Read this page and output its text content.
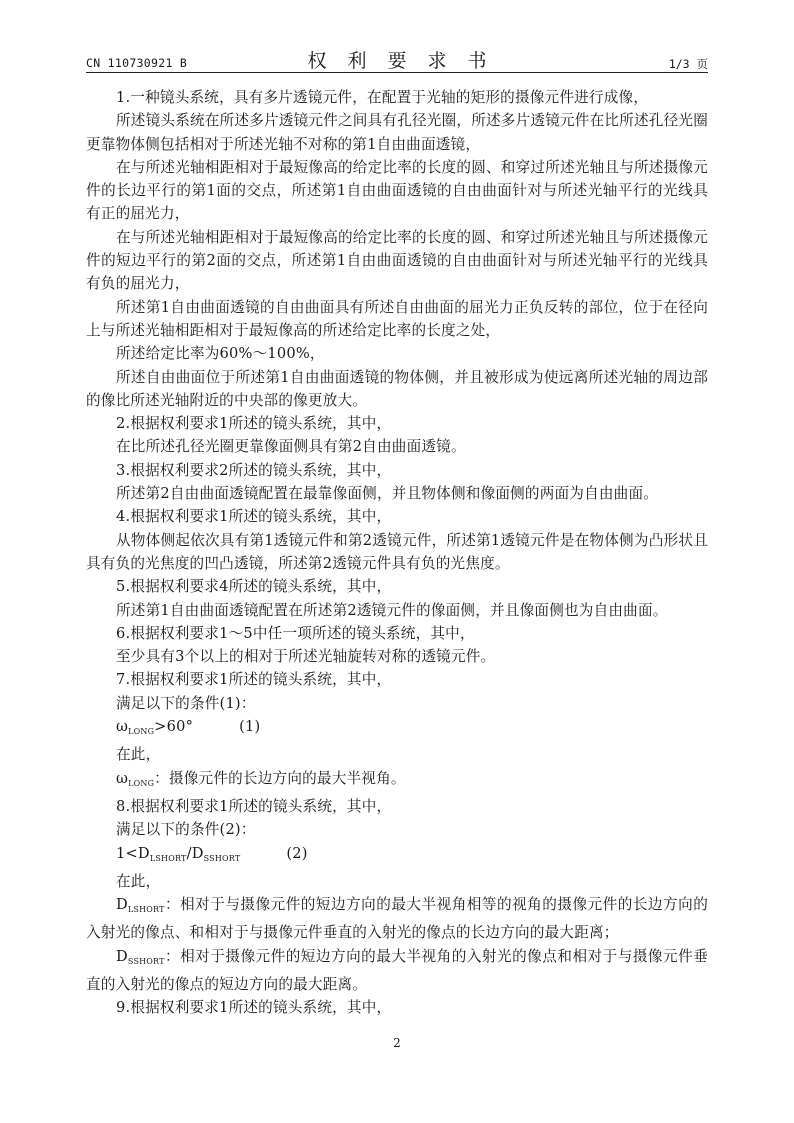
CN 110730921 B	权利要求书	1/3 页

1.一种镜头系统，具有多片透镜元件，在配置于光轴的矩形的摄像元件进行成像，

所述镜头系统在所述多片透镜元件之间具有孔径光圈，所述多片透镜元件在比所述孔径光圈更靠物体侧包括相对于所述光轴不对称的第1自由曲面透镜，

在与所述光轴相距相对于最短像高的给定比率的长度的圆、和穿过所述光轴且与所述摄像元件的长边平行的第1面的交点，所述第1自由曲面透镜的自由曲面针对与所述光轴平行的光线具有正的屈光力，

在与所述光轴相距相对于最短像高的给定比率的长度的圆、和穿过所述光轴且与所述摄像元件的短边平行的第2面的交点，所述第1自由曲面透镜的自由曲面针对与所述光轴平行的光线具有负的屈光力，

所述第1自由曲面透镜的自由曲面具有所述自由曲面的屈光力正负反转的部位，位于在径向上与所述光轴相距相对于最短像高的所述给定比率的长度之处，

所述给定比率为60%～100%，

所述自由曲面位于所述第1自由曲面透镜的物体侧，并且被形成为使远离所述光轴的周边部的像比所述光轴附近的中央部的像更放大。

2.根据权利要求1所述的镜头系统，其中，

在比所述孔径光圈更靠像面侧具有第2自由曲面透镜。

3.根据权利要求2所述的镜头系统，其中，

所述第2自由曲面透镜配置在最靠像面侧，并且物体侧和像面侧的两面为自由曲面。

4.根据权利要求1所述的镜头系统，其中，

从物体侧起依次具有第1透镜元件和第2透镜元件，所述第1透镜元件是在物体侧为凸形状且具有负的光焦度的凹凸透镜，所述第2透镜元件具有负的光焦度。

5.根据权利要求4所述的镜头系统，其中，

所述第1自由曲面透镜配置在所述第2透镜元件的像面侧，并且像面侧也为自由曲面。

6.根据权利要求1～5中任一项所述的镜头系统，其中，

至少具有3个以上的相对于所述光轴旋转对称的透镜元件。

7.根据权利要求1所述的镜头系统，其中，

满足以下的条件(1)：

$\omega_{LONG}>60^\circ$	(1)

在此，

$\omega_{LONG}$：摄像元件的长边方向的最大半视角。

8.根据权利要求1所述的镜头系统，其中，

满足以下的条件(2)：

$1<D_{LSHORT}/D_{SSHORT}$	(2)

在此，

$D_{LSHORT}$：相对于与摄像元件的短边方向的最大半视角相等的视角的摄像元件的长边方向的入射光的像点、和相对于与摄像元件垂直的入射光的像点的长边方向的最大距离；

$D_{SSHORT}$：相对于摄像元件的短边方向的最大半视角的入射光的像点和相对于与摄像元件垂直的入射光的像点的短边方向的最大距离。

9.根据权利要求1所述的镜头系统，其中，

2
